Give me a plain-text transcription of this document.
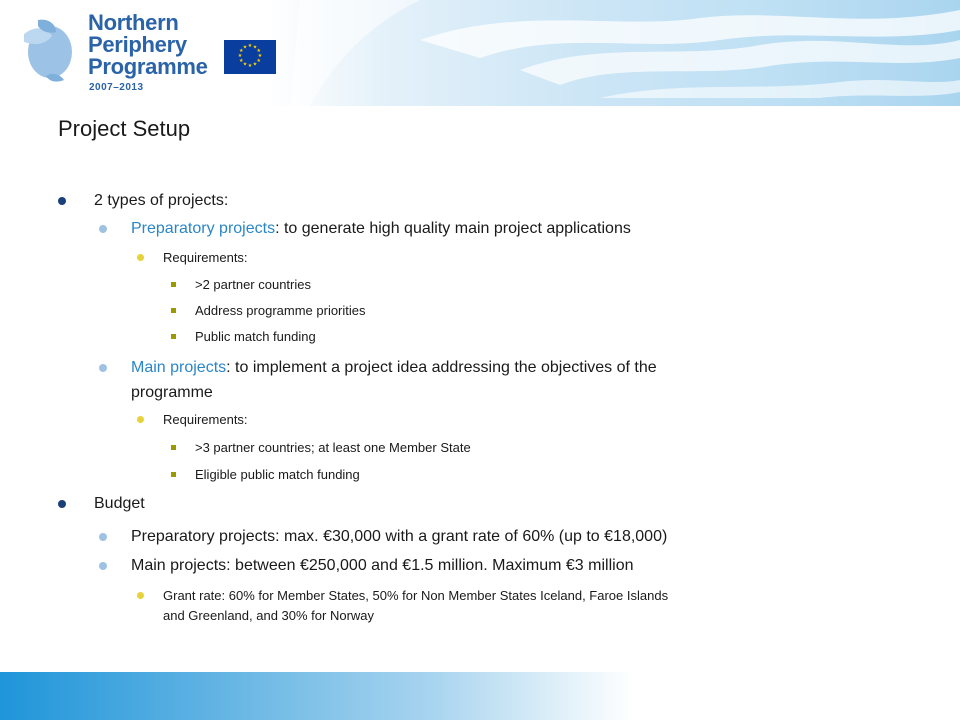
Northern
Periphery
Programme
2007–2013
★ ★
★
★
★
★
★
★
★
★
★
★
Project Setup
2 types of projects:
Preparatory projects: to generate high quality main project applications
Requirements:
>2 partner countries
Address programme priorities
Public match funding
Main projects: to implement a project idea addressing the objectives of the
programme
Requirements:
>3 partner countries; at least one Member State
Eligible public match funding
Budget
Preparatory projects: max. €30,000 with a grant rate of 60% (up to €18,000)
Main projects: between €250,000 and €1.5 million. Maximum €3 million
Grant rate: 60% for Member States, 50% for Non Member States Iceland, Faroe Islands
and Greenland, and 30% for Norway
